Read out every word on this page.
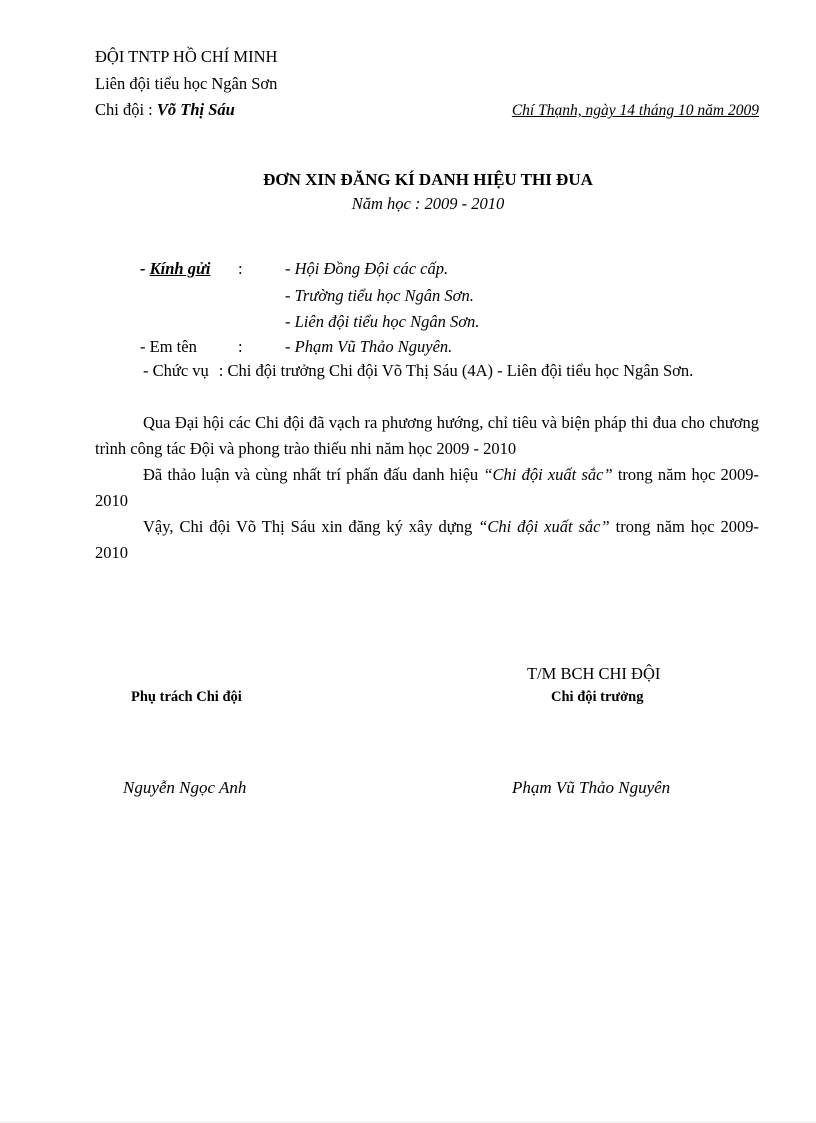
ĐỘI TNTP HỒ CHÍ MINH
Liên đội tiểu học Ngân Sơn
Chi đội : Võ Thị Sáu	Chí Thạnh, ngày 14 tháng 10 năm 2009
ĐƠN XIN ĐĂNG KÍ DANH HIỆU THI ĐUA
Năm học : 2009 - 2010
- Kính gửi :	- Hội Đồng Đội các cấp.
- Trường tiểu học Ngân Sơn.
- Liên đội tiểu học Ngân Sơn.
- Em tên :	- Phạm Vũ Thảo Nguyên.
- Chức vụ : Chi đội trưởng Chi đội Võ Thị Sáu (4A) - Liên đội tiểu học Ngân Sơn.
Qua Đại hội các Chi đội đã vạch ra phương hướng, chỉ tiêu và biện pháp thi đua cho chương trình công tác Đội và phong trào thiếu nhi năm học 2009 - 2010
Đã thảo luận và cùng nhất trí phấn đấu danh hiệu “Chi đội xuất sắc” trong năm học 2009- 2010
Vậy, Chi đội Võ Thị Sáu xin đăng ký xây dựng “Chi đội xuất sắc” trong năm học 2009- 2010
T/M BCH CHI ĐỘI
Chi đội trưởng
Phụ trách Chi đội
Nguyễn Ngọc Anh	Phạm Vũ Thảo Nguyên
